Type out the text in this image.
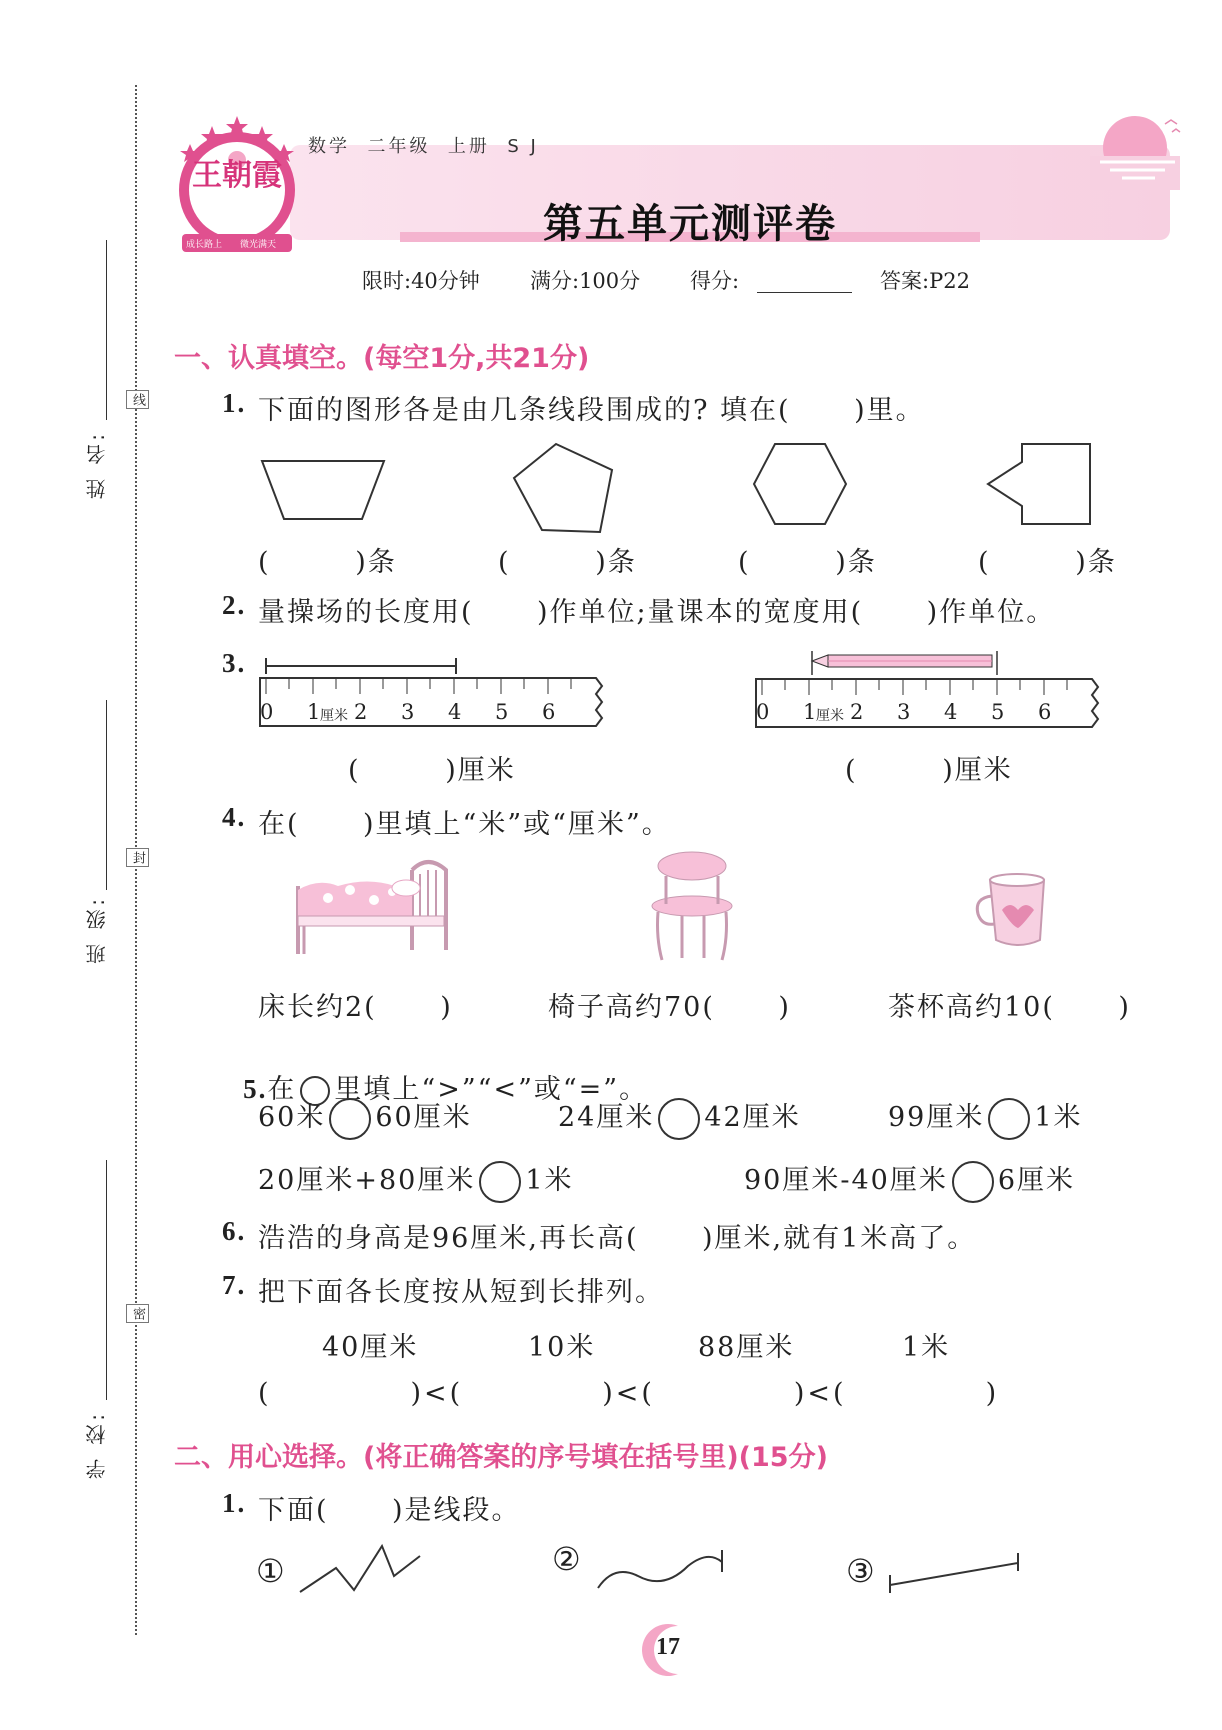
姓 名:
班 级:
学 校:
线
封
密
王朝霞
成长路上 微光满天
数学  二年级  上册  S J
第五单元测评卷
限时:40分钟 满分:100分 得分:	答案:P22
一、认真填空。(每空1分,共21分)
1. 下面的图形各是由几条线段围成的? 填在(      )里。
(        )条	(        )条	(        )条	(        )条
2. 量操场的长度用(      )作单位;量课本的宽度用(      )作单位。
3.
0 1 厘米 2 3 4 5 6	0 1 厘米 2 3 4 5 6
(        )厘米	(        )厘米
4. 在(      )里填上“米”或“厘米”。
床长约2(      )	椅子高约70(      )	茶杯高约10(      )

5.在 里填上“>”“<”或“=”。

60米 60厘米	24厘米 42厘米	99厘米 1米
20厘米+80厘米 1米	90厘米-40厘米 6厘米
6. 浩浩的身高是96厘米,再长高(      )厘米,就有1米高了。
7. 把下面各长度按从短到长排列。
40厘米	10米	88厘米	1米
(            )<(            )<(            )<(            )
二、用心选择。(将正确答案的序号填在括号里)(15分)
1. 下面(      )是线段。
①	②	③
17
